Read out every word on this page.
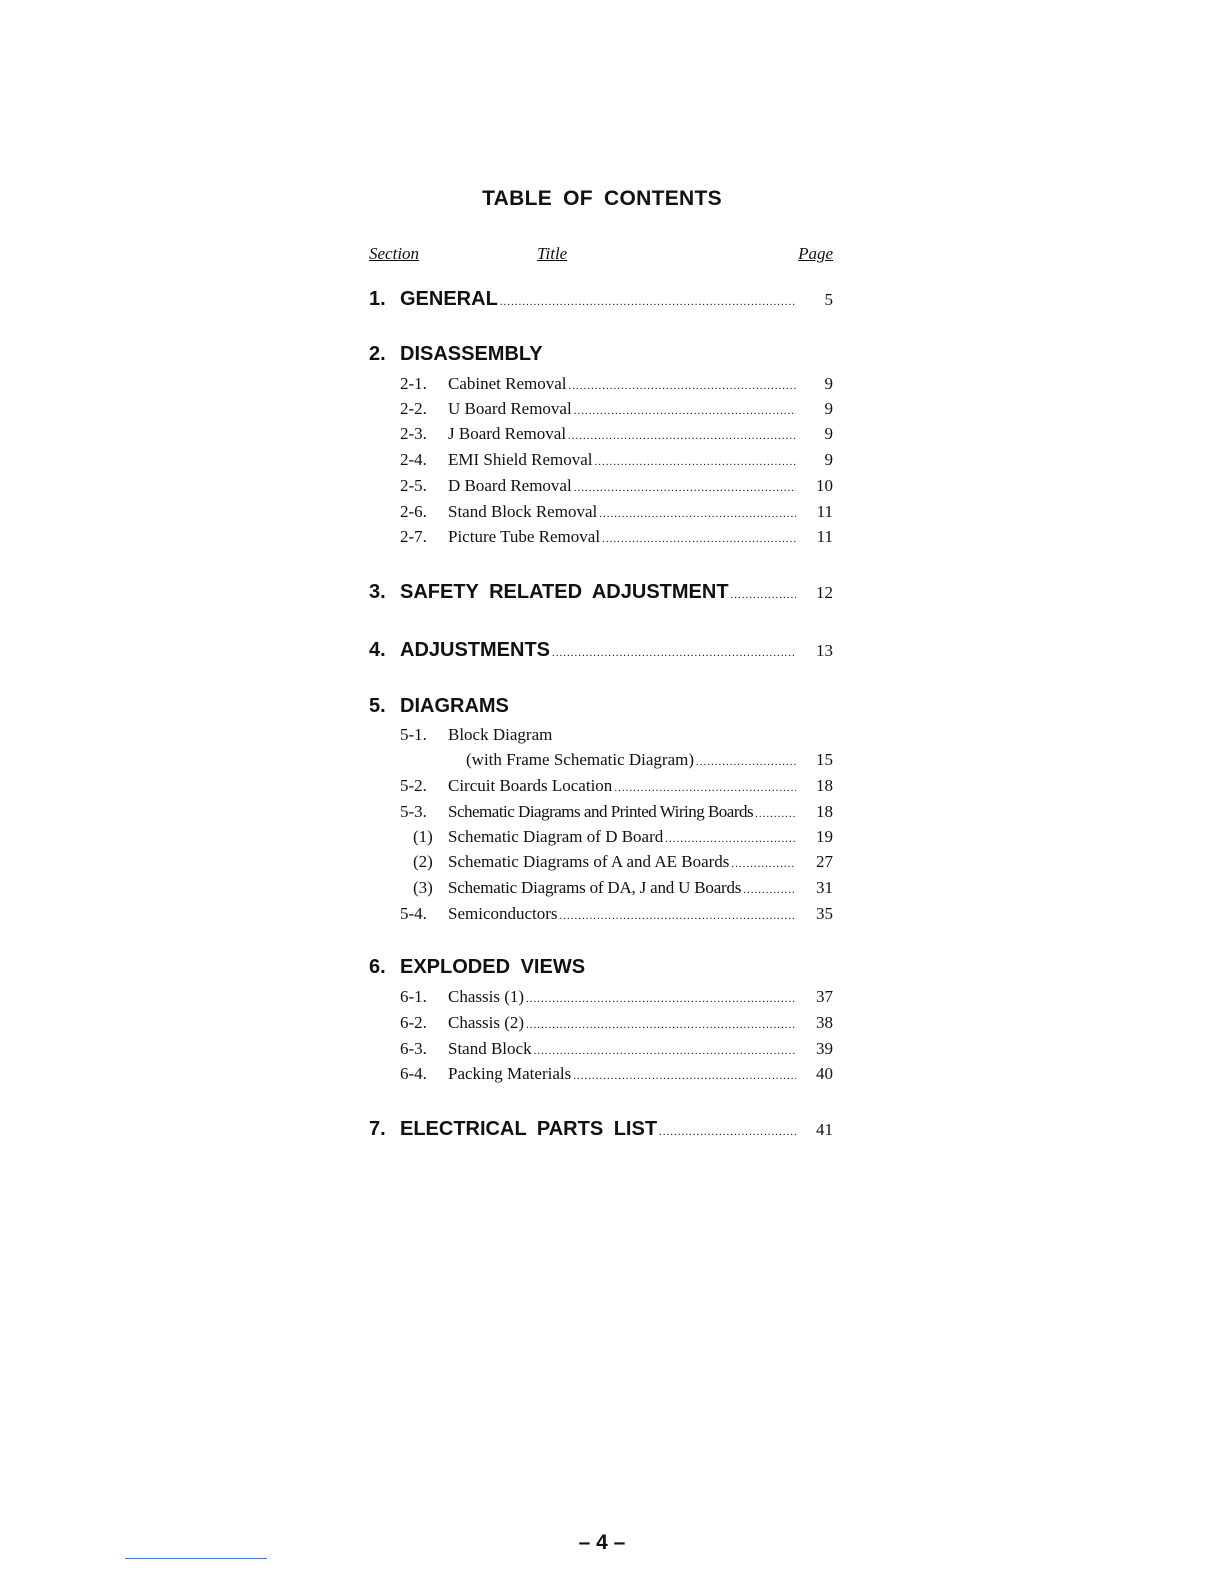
TABLE OF CONTENTS
Section	Title	Page
1. GENERAL .....	5
2. DISASSEMBLY
2-1.	Cabinet Removal .....	9
2-2.	U Board Removal .....	9
2-3.	J Board Removal .....	9
2-4.	EMI Shield Removal .....	9
2-5.	D Board Removal .....	10
2-6.	Stand Block Removal .....	11
2-7.	Picture Tube Removal .....	11
3. SAFETY RELATED ADJUSTMENT .....	12
4. ADJUSTMENTS .....	13
5. DIAGRAMS
5-1.	Block Diagram
(with Frame Schematic Diagram) .....	15
5-2.	Circuit Boards Location .....	18
5-3.	Schematic Diagrams and Printed Wiring Boards .....	18
(1) Schematic Diagram of D Board .....	19
(2) Schematic Diagrams of A and AE Boards .....	27
(3) Schematic Diagrams of DA, J and U Boards .....	31
5-4.	Semiconductors .....	35
6. EXPLODED VIEWS
6-1.	Chassis (1) .....	37
6-2.	Chassis (2) .....	38
6-3.	Stand Block .....	39
6-4.	Packing Materials .....	40
7. ELECTRICAL PARTS LIST .....	41
– 4 –
